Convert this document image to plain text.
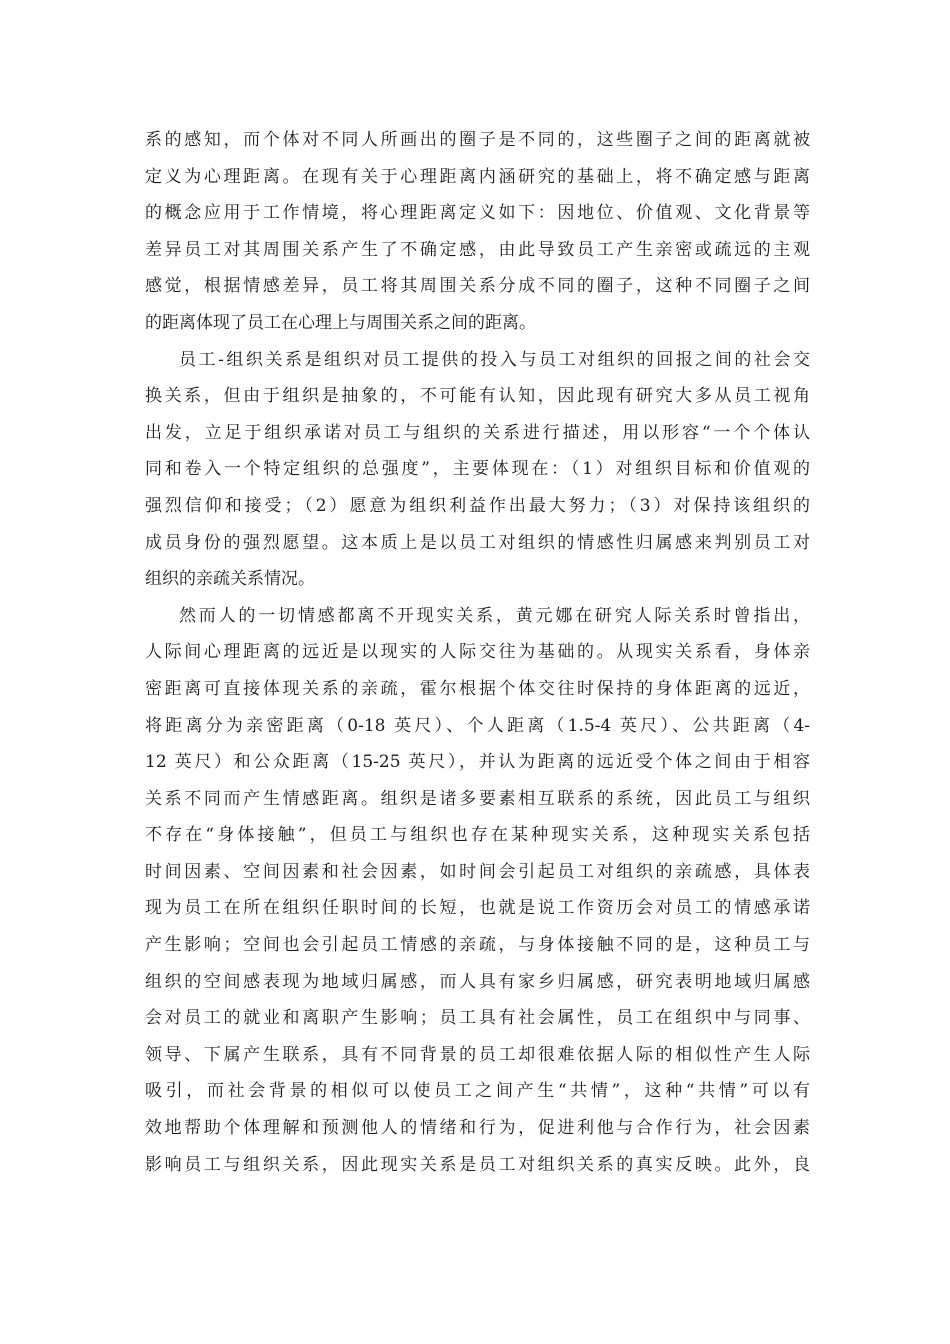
系的感知，而个体对不同人所画出的圈子是不同的，这些圈子之间的距离就被
定义为心理距离。在现有关于心理距离内涵研究的基础上，将不确定感与距离
的概念应用于工作情境，将心理距离定义如下：因地位、价值观、文化背景等
差异员工对其周围关系产生了不确定感，由此导致员工产生亲密或疏远的主观
感觉，根据情感差异，员工将其周围关系分成不同的圈子，这种不同圈子之间
的距离体现了员工在心理上与周围关系之间的距离。
员工-组织关系是组织对员工提供的投入与员工对组织的回报之间的社会交
换关系，但由于组织是抽象的，不可能有认知，因此现有研究大多从员工视角
出发，立足于组织承诺对员工与组织的关系进行描述，用以形容“一个个体认
同和卷入一个特定组织的总强度”，主要体现在：（1）对组织目标和价值观的
强烈信仰和接受；（2）愿意为组织利益作出最大努力；（3）对保持该组织的
成员身份的强烈愿望。这本质上是以员工对组织的情感性归属感来判别员工对
组织的亲疏关系情况。
然而人的一切情感都离不开现实关系，黄元娜在研究人际关系时曾指出，
人际间心理距离的远近是以现实的人际交往为基础的。从现实关系看，身体亲
密距离可直接体现关系的亲疏，霍尔根据个体交往时保持的身体距离的远近，
将距离分为亲密距离（0-18 英尺）、个人距离（1.5-4 英尺）、公共距离（4-
12 英尺）和公众距离（15-25 英尺），并认为距离的远近受个体之间由于相容
关系不同而产生情感距离。组织是诸多要素相互联系的系统，因此员工与组织
不存在“身体接触”，但员工与组织也存在某种现实关系，这种现实关系包括
时间因素、空间因素和社会因素，如时间会引起员工对组织的亲疏感，具体表
现为员工在所在组织任职时间的长短，也就是说工作资历会对员工的情感承诺
产生影响；空间也会引起员工情感的亲疏，与身体接触不同的是，这种员工与
组织的空间感表现为地域归属感，而人具有家乡归属感，研究表明地域归属感
会对员工的就业和离职产生影响；员工具有社会属性，员工在组织中与同事、
领导、下属产生联系，具有不同背景的员工却很难依据人际的相似性产生人际
吸引，而社会背景的相似可以使员工之间产生“共情”，这种“共情”可以有
效地帮助个体理解和预测他人的情绪和行为，促进利他与合作行为，社会因素
影响员工与组织关系，因此现实关系是员工对组织关系的真实反映。此外，良
